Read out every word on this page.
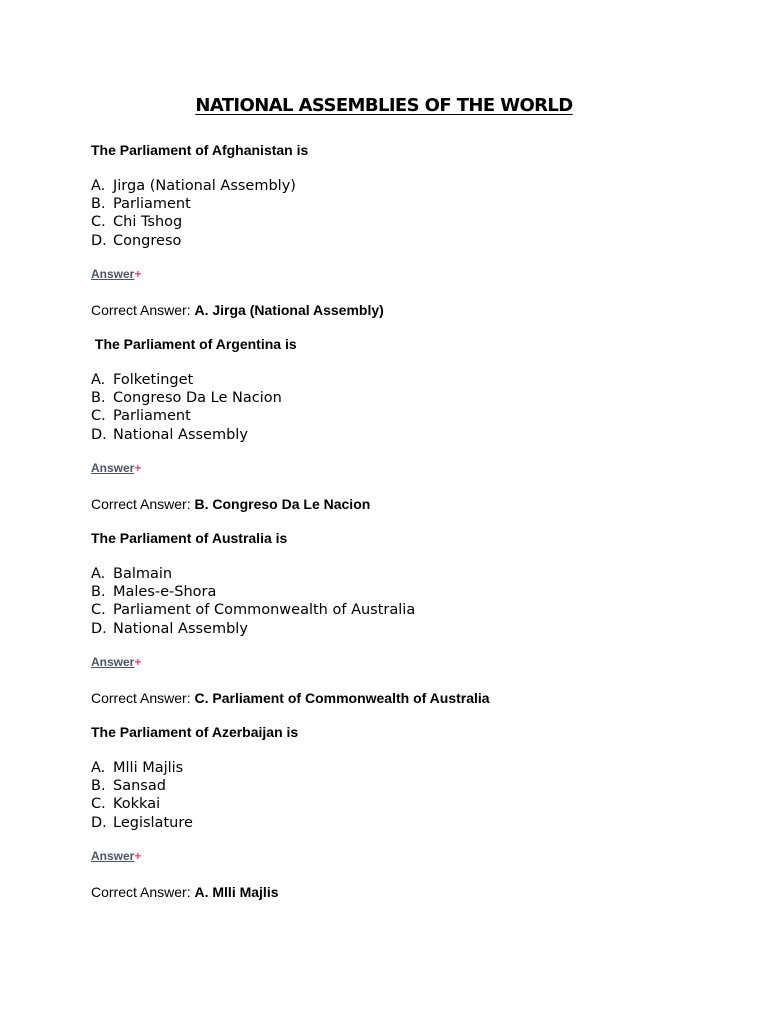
NATIONAL ASSEMBLIES OF THE WORLD

The Parliament of Afghanistan is

A. Jirga (National Assembly)
B. Parliament
C. Chi Tshog
D. Congreso
Answer+
Correct Answer: A. Jirga (National Assembly)

The Parliament of Argentina is

A. Folketinget
B. Congreso Da Le Nacion
C. Parliament
D. National Assembly
Answer+
Correct Answer: B. Congreso Da Le Nacion

The Parliament of Australia is

A. Balmain
B. Males-e-Shora
C. Parliament of Commonwealth of Australia
D. National Assembly
Answer+
Correct Answer: C. Parliament of Commonwealth of Australia

The Parliament of Azerbaijan is

A. Mlli Majlis
B. Sansad
C. Kokkai
D. Legislature
Answer+
Correct Answer: A. Mlli Majlis
